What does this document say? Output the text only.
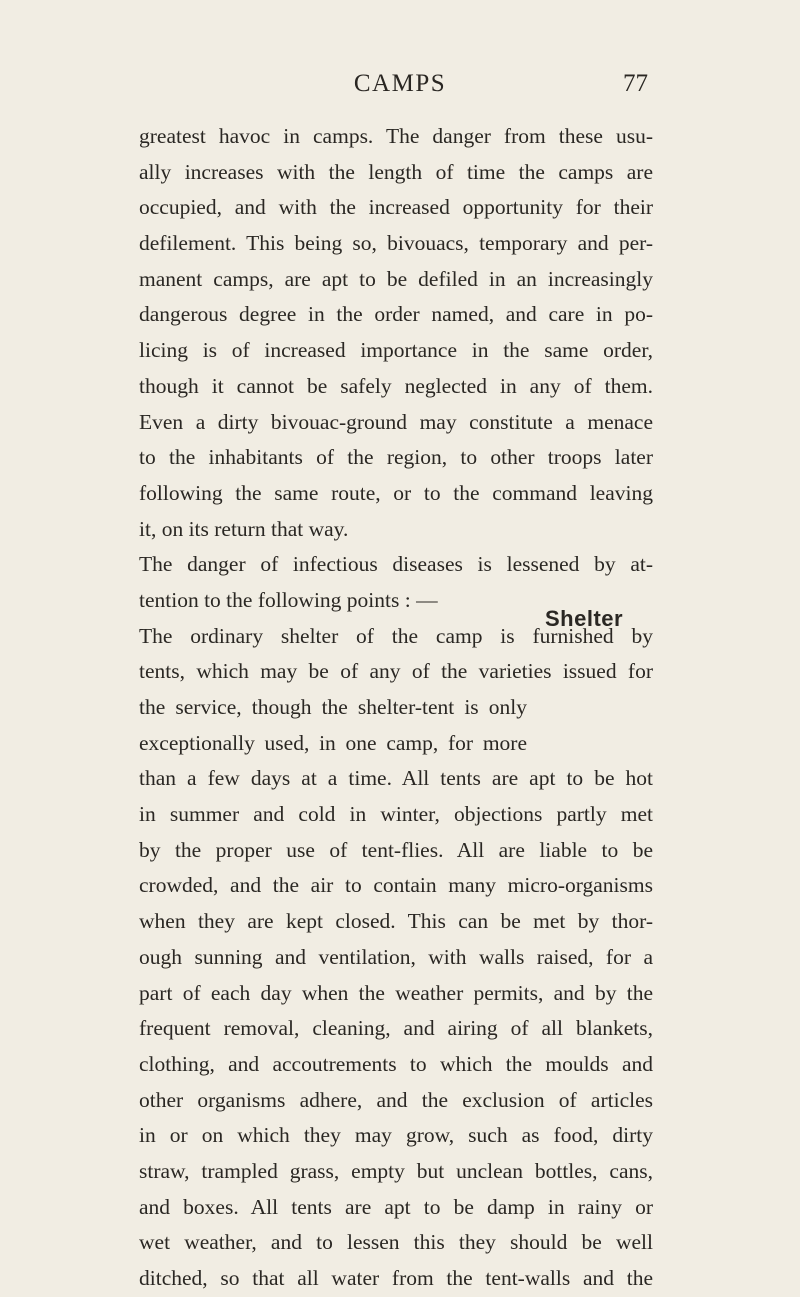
CAMPS	77
greatest havoc in camps. The danger from these usu-
ally increases with the length of time the camps are
occupied, and with the increased opportunity for their
defilement. This being so, bivouacs, temporary and per-
manent camps, are apt to be defiled in an increasingly
dangerous degree in the order named, and care in po-
licing is of increased importance in the same order,
though it cannot be safely neglected in any of them.
Even a dirty bivouac-ground may constitute a menace
to the inhabitants of the region, to other troops later
following the same route, or to the command leaving
it, on its return that way.
The danger of infectious diseases is lessened by at-
tention to the following points : —
The ordinary shelter of the camp is furnished by
tents, which may be of any of the varieties issued for
the service, though the shelter-tent is only
exceptionally used, in one camp, for more
than a few days at a time. All tents are apt to be hot
in summer and cold in winter, objections partly met
by the proper use of tent-flies. All are liable to be
crowded, and the air to contain many micro-organisms
when they are kept closed. This can be met by thor-
ough sunning and ventilation, with walls raised, for a
part of each day when the weather permits, and by the
frequent removal, cleaning, and airing of all blankets,
clothing, and accoutrements to which the moulds and
other organisms adhere, and the exclusion of articles
in or on which they may grow, such as food, dirty
straw, trampled grass, empty but unclean bottles, cans,
and boxes. All tents are apt to be damp in rainy or
wet weather, and to lessen this they should be well
ditched, so that all water from the tent-walls and the
Shelter
